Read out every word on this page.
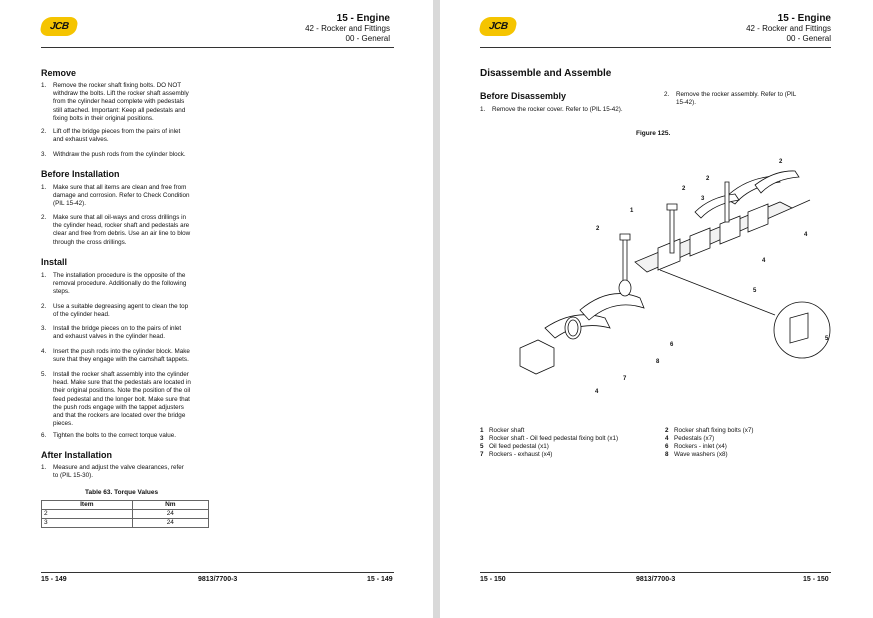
JCB
15 - Engine
42 - Rocker and Fittings
00 - General
Remove
1. Remove the rocker shaft fixing bolts. DO NOT
withdraw the bolts. Lift the rocker shaft assembly
from the cylinder head complete with pedestals
still attached. Important: Keep all pedestals and
fixing bolts in their original positions.
2. Lift off the bridge pieces from the pairs of inlet
and exhaust valves.
3. Withdraw the push rods from the cylinder block.
Before Installation
1. Make sure that all items are clean and free from
damage and corrosion. Refer to Check Condition
(PIL 15-42).
2. Make sure that all oil-ways and cross drillings in
the cylinder head, rocker shaft and pedestals are
clear and free from debris. Use an air line to blow
through the cross drillings.
Install
1. The installation procedure is the opposite of the
removal procedure. Additionally do the following
steps.
2. Use a suitable degreasing agent to clean the top
of the cylinder head.
3. Install the bridge pieces on to the pairs of inlet
and exhaust valves in the cylinder head.
4. Insert the push rods into the cylinder block. Make
sure that they engage with the camshaft tappets.
5. Install the rocker shaft assembly into the cylinder
head. Make sure that the pedestals are located in
their original positions. Note the position of the oil
feed pedestal and the longer bolt. Make sure that
the push rods engage with the tappet adjusters
and that the rockers are located over the bridge
pieces.
6. Tighten the bolts to the correct torque value.
After Installation
1. Measure and adjust the valve clearances, refer
to (PIL 15-30).
Table 63. Torque Values
Item	Nm
2	24
3	24
15 - 149	9813/7700-3	15 - 149
JCB
15 - Engine
42 - Rocker and Fittings
00 - General
Disassemble and Assemble
Before Disassembly
1. Remove the rocker cover. Refer to (PIL 15-42).
2. Remove the rocker assembly. Refer to (PIL
15-42).
Figure 125.
1
2
2
2
2
3
4
4
4
5
5
6
7
8
1 Rocker shaft	2 Rocker shaft fixing bolts (x7)
3 Rocker shaft - Oil feed pedestal fixing bolt (x1)	4 Pedestals (x7)
5 Oil feed pedestal (x1)	6 Rockers - inlet (x4)
7 Rockers - exhaust (x4)	8 Wave washers (x8)
15 - 150	9813/7700-3	15 - 150
